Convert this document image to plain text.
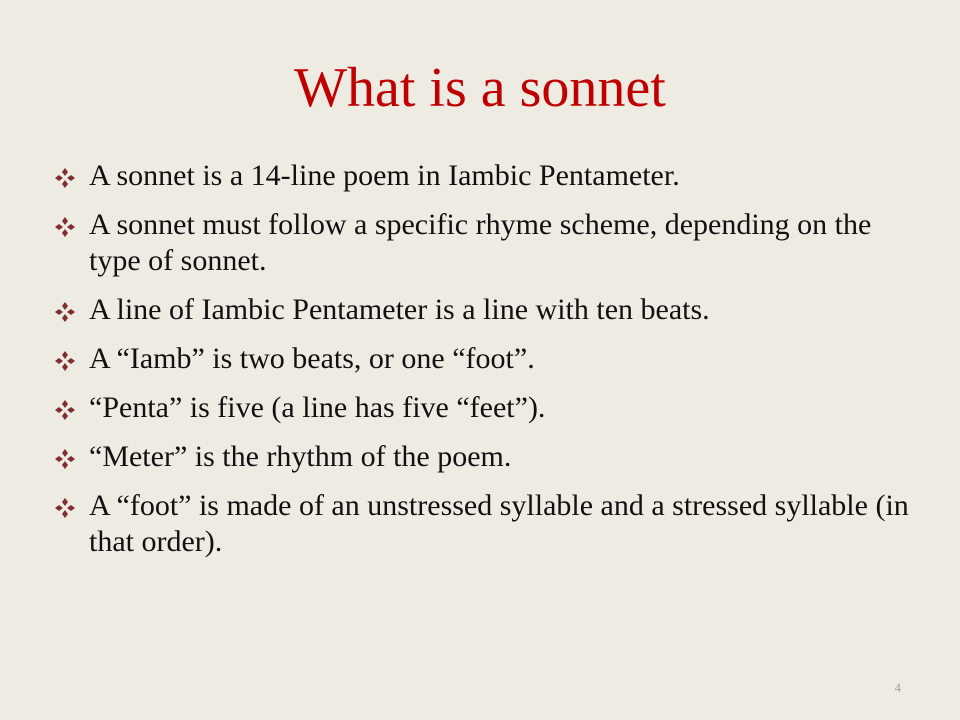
What is a sonnet
A sonnet is a 14-line poem in Iambic Pentameter.
A sonnet must follow a specific rhyme scheme, depending on the type of sonnet.
A line of Iambic Pentameter is a line with ten beats.
A “Iamb” is two beats, or one “foot”.
“Penta” is five (a line has five “feet”).
“Meter” is the rhythm of the poem.
A “foot” is made of an unstressed syllable and a stressed syllable (in that order).
4
